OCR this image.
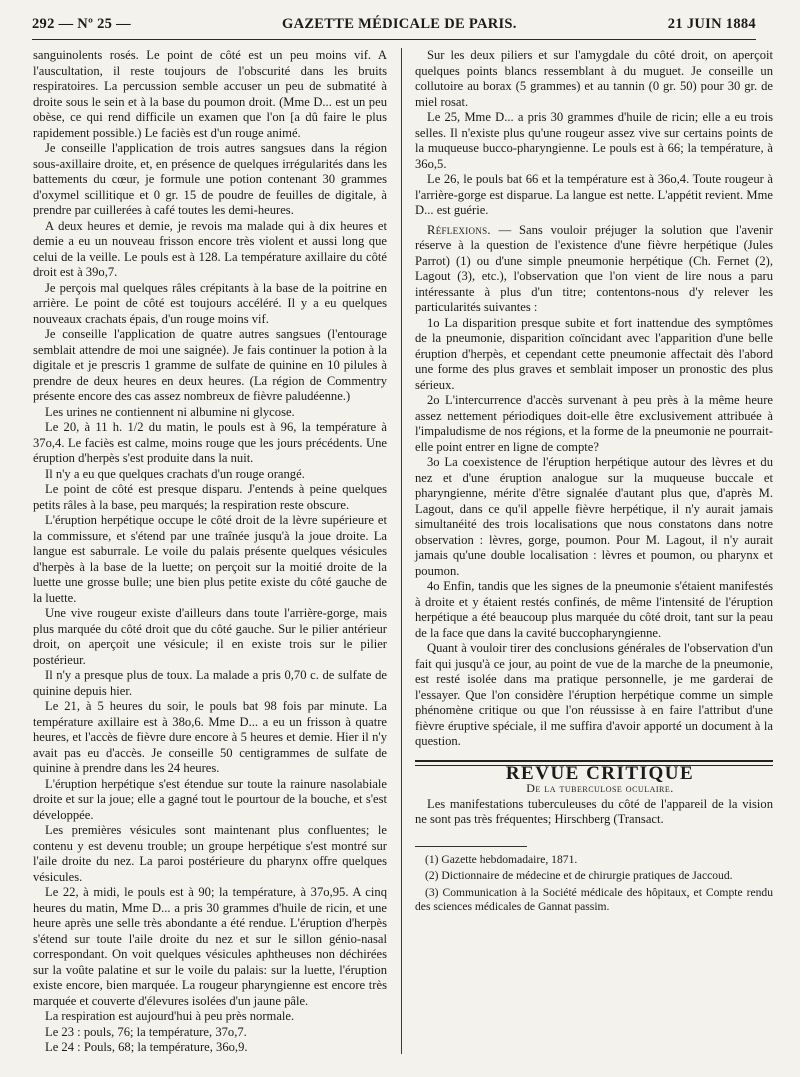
292 — Nº 25 —	GAZETTE MÉDICALE DE PARIS.	21 JUIN 1884

sanguinolents rosés. Le point de côté est un peu moins vif. A l'auscultation, il reste toujours de l'obscurité dans les bruits respiratoires. La percussion semble accuser un peu de submatité à droite sous le sein et à la base du poumon droit. (Mme D... est un peu obèse, ce qui rend difficile un examen que l'on [a dû faire le plus rapidement possible.) Le faciès est d'un rouge animé.

Je conseille l'application de trois autres sangsues dans la région sous-axillaire droite, et, en présence de quelques irrégularités dans les battements du cœur, je formule une potion contenant 30 grammes d'oxymel scillitique et 0 gr. 15 de poudre de feuilles de digitale, à prendre par cuillerées à café toutes les demi-heures.

A deux heures et demie, je revois ma malade qui à dix heures et demie a eu un nouveau frisson encore très violent et aussi long que celui de la veille. Le pouls est à 128. La température axillaire du côté droit est à 39o,7.

Je perçois mal quelques râles crépitants à la base de la poitrine en arrière. Le point de côté est toujours accéléré. Il y a eu quelques nouveaux crachats épais, d'un rouge moins vif.

Je conseille l'application de quatre autres sangsues (l'entourage semblait attendre de moi une saignée). Je fais continuer la potion à la digitale et je prescris 1 gramme de sulfate de quinine en 10 pilules à prendre de deux heures en deux heures. (La région de Commentry présente encore des cas assez nombreux de fièvre paludéenne.)

Les urines ne contiennent ni albumine ni glycose.

Le 20, à 11 h. 1/2 du matin, le pouls est à 96, la température à 37o,4. Le faciès est calme, moins rouge que les jours précédents. Une éruption d'herpès s'est produite dans la nuit.

Il n'y a eu que quelques crachats d'un rouge orangé.

Le point de côté est presque disparu. J'entends à peine quelques petits râles à la base, peu marqués; la respiration reste obscure.

L'éruption herpétique occupe le côté droit de la lèvre supérieure et la commissure, et s'étend par une traînée jusqu'à la joue droite. La langue est saburrale. Le voile du palais présente quelques vésicules d'herpès à la base de la luette; on perçoit sur la moitié droite de la luette une grosse bulle; une bien plus petite existe du côté gauche de la luette.

Une vive rougeur existe d'ailleurs dans toute l'arrière-gorge, mais plus marquée du côté droit que du côté gauche. Sur le pilier antérieur droit, on aperçoit une vésicule; il en existe trois sur le pilier postérieur.

Il n'y a presque plus de toux. La malade a pris 0,70 c. de sulfate de quinine depuis hier.

Le 21, à 5 heures du soir, le pouls bat 98 fois par minute. La température axillaire est à 38o,6. Mme D... a eu un frisson à quatre heures, et l'accès de fièvre dure encore à 5 heures et demie. Hier il n'y avait pas eu d'accès. Je conseille 50 centigrammes de sulfate de quinine à prendre dans les 24 heures.

L'éruption herpétique s'est étendue sur toute la rainure nasolabiale droite et sur la joue; elle a gagné tout le pourtour de la bouche, et s'est développée.

Les premières vésicules sont maintenant plus confluentes; le contenu y est devenu trouble; un groupe herpétique s'est montré sur l'aile droite du nez. La paroi postérieure du pharynx offre quelques vésicules.

Le 22, à midi, le pouls est à 90; la température, à 37o,95. A cinq heures du matin, Mme D... a pris 30 grammes d'huile de ricin, et une heure après une selle très abondante a été rendue. L'éruption d'herpès s'étend sur toute l'aile droite du nez et sur le sillon génio-nasal correspondant. On voit quelques vésicules aphtheuses non déchirées sur la voûte palatine et sur le voile du palais: sur la luette, l'éruption existe encore, bien marquée. La rougeur pharyngienne est encore très marquée et couverte d'élevures isolées d'un jaune pâle.

La respiration est aujourd'hui à peu près normale.

Le 23 : pouls, 76; la température, 37o,7.

Le 24 : Pouls, 68; la température, 36o,9.

Sur les deux piliers et sur l'amygdale du côté droit, on aperçoit quelques points blancs ressemblant à du muguet. Je conseille un collutoire au borax (5 grammes) et au tannin (0 gr. 50) pour 30 gr. de miel rosat.

Le 25, Mme D... a pris 30 grammes d'huile de ricin; elle a eu trois selles. Il n'existe plus qu'une rougeur assez vive sur certains points de la muqueuse bucco-pharyngienne. Le pouls est à 66; la température, à 36o,5.

Le 26, le pouls bat 66 et la température est à 36o,4. Toute rougeur à l'arrière-gorge est disparue. La langue est nette. L'appétit revient. Mme D... est guérie.

Réflexions. — Sans vouloir préjuger la solution que l'avenir réserve à la question de l'existence d'une fièvre herpétique (Jules Parrot) (1) ou d'une simple pneumonie herpétique (Ch. Fernet (2), Lagout (3), etc.), l'observation que l'on vient de lire nous a paru intéressante à plus d'un titre; contentons-nous d'y relever les particularités suivantes :

1o La disparition presque subite et fort inattendue des symptômes de la pneumonie, disparition coïncidant avec l'apparition d'une belle éruption d'herpès, et cependant cette pneumonie affectait dès l'abord une forme des plus graves et semblait imposer un pronostic des plus sérieux.

2o L'intercurrence d'accès survenant à peu près à la même heure assez nettement périodiques doit-elle être exclusivement attribuée à l'impaludisme de nos régions, et la forme de la pneumonie ne pourrait-elle point entrer en ligne de compte?

3o La coexistence de l'éruption herpétique autour des lèvres et du nez et d'une éruption analogue sur la muqueuse buccale et pharyngienne, mérite d'être signalée d'autant plus que, d'après M. Lagout, dans ce qu'il appelle fièvre herpétique, il n'y aurait jamais simultanéité des trois localisations que nous constatons dans notre observation : lèvres, gorge, poumon. Pour M. Lagout, il n'y aurait jamais qu'une double localisation : lèvres et poumon, ou pharynx et poumon.

4o Enfin, tandis que les signes de la pneumonie s'étaient manifestés à droite et y étaient restés confinés, de même l'intensité de l'éruption herpétique a été beaucoup plus marquée du côté droit, tant sur la peau de la face que dans la cavité buccopharyngienne.

Quant à vouloir tirer des conclusions générales de l'observation d'un fait qui jusqu'à ce jour, au point de vue de la marche de la pneumonie, est resté isolée dans ma pratique personnelle, je me garderai de l'essayer. Que l'on considère l'éruption herpétique comme un simple phénomène critique ou que l'on réussisse à en faire l'attribut d'une fièvre éruptive spéciale, il me suffira d'avoir apporté un document à la question.

REVUE CRITIQUE

De la tuberculose oculaire.

Les manifestations tuberculeuses du côté de l'appareil de la vision ne sont pas très fréquentes; Hirschberg (Transact.

(1) Gazette hebdomadaire, 1871.

(2) Dictionnaire de médecine et de chirurgie pratiques de Jaccoud.

(3) Communication à la Société médicale des hôpitaux, et Compte rendu des sciences médicales de Gannat passim.
